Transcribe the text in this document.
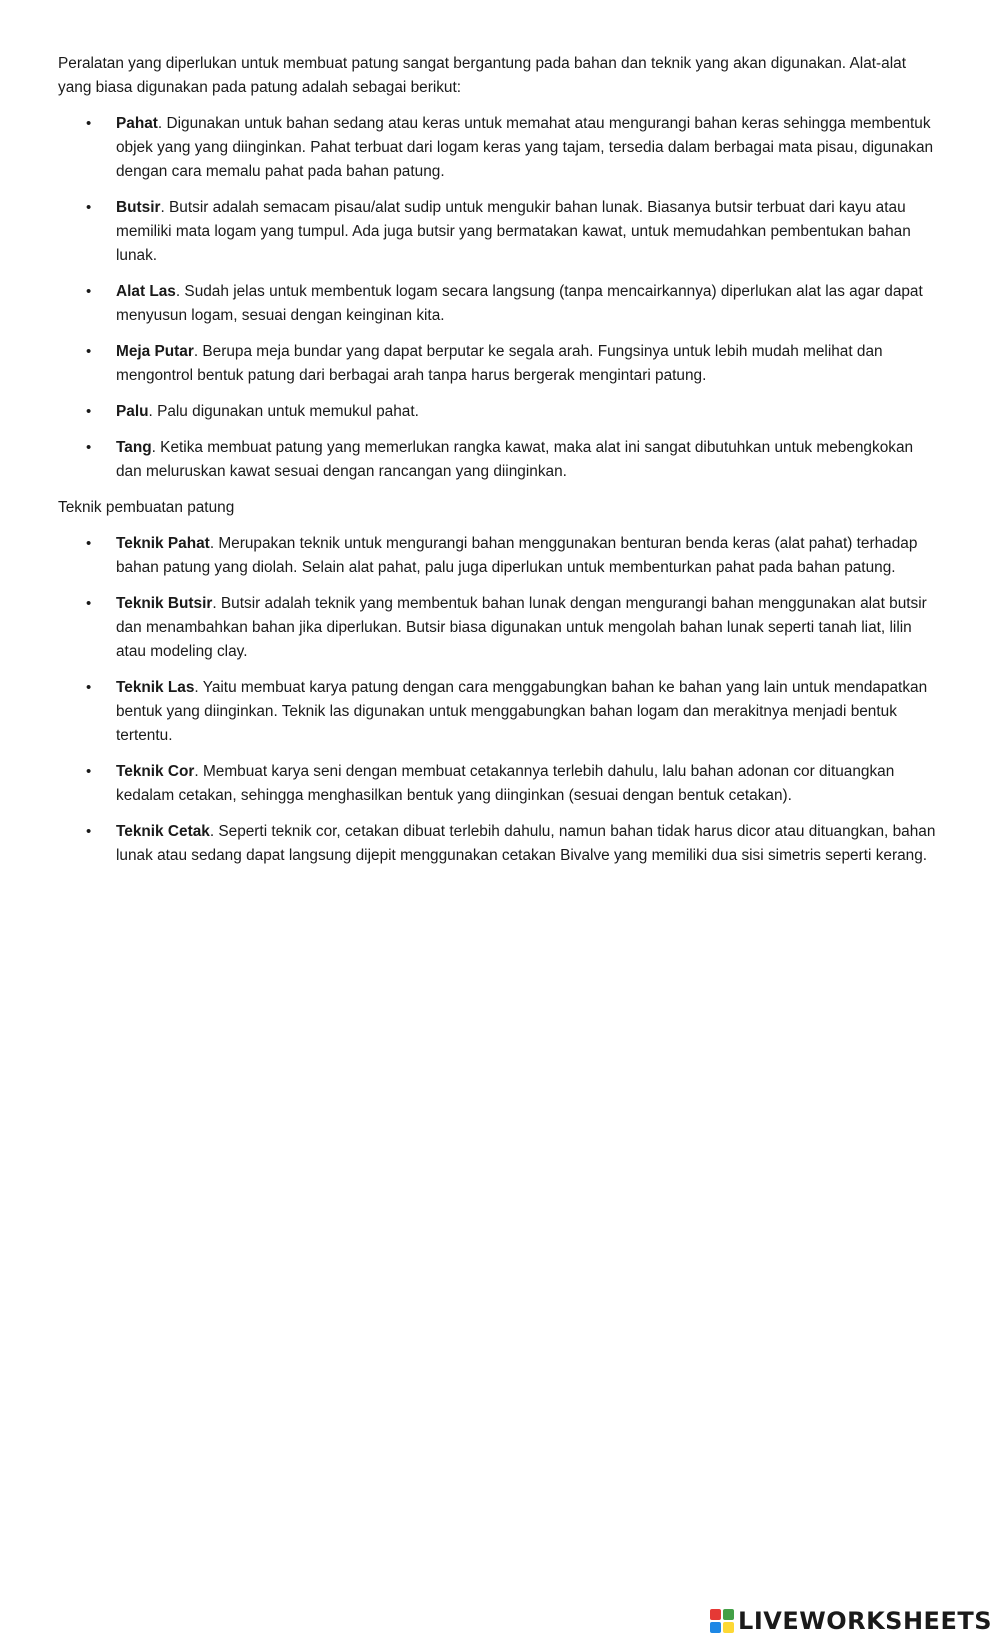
Peralatan yang diperlukan untuk membuat patung sangat bergantung pada bahan dan teknik yang akan digunakan. Alat-alat yang biasa digunakan pada patung adalah sebagai berikut:

• Pahat. Digunakan untuk bahan sedang atau keras untuk memahat atau mengurangi bahan keras sehingga membentuk objek yang yang diinginkan. Pahat terbuat dari logam keras yang tajam, tersedia dalam berbagai mata pisau, digunakan dengan cara memalu pahat pada bahan patung.
• Butsir. Butsir adalah semacam pisau/alat sudip untuk mengukir bahan lunak. Biasanya butsir terbuat dari kayu atau memiliki mata logam yang tumpul. Ada juga butsir yang bermatakan kawat, untuk memudahkan pembentukan bahan lunak.
• Alat Las. Sudah jelas untuk membentuk logam secara langsung (tanpa mencairkannya) diperlukan alat las agar dapat menyusun logam, sesuai dengan keinginan kita.
• Meja Putar. Berupa meja bundar yang dapat berputar ke segala arah. Fungsinya untuk lebih mudah melihat dan mengontrol bentuk patung dari berbagai arah tanpa harus bergerak mengintari patung.
• Palu. Palu digunakan untuk memukul pahat.
• Tang. Ketika membuat patung yang memerlukan rangka kawat, maka alat ini sangat dibutuhkan untuk mebengkokan dan meluruskan kawat sesuai dengan rancangan yang diinginkan.

Teknik pembuatan patung

• Teknik Pahat. Merupakan teknik untuk mengurangi bahan menggunakan benturan benda keras (alat pahat) terhadap bahan patung yang diolah. Selain alat pahat, palu juga diperlukan untuk membenturkan pahat pada bahan patung.
• Teknik Butsir. Butsir adalah teknik yang membentuk bahan lunak dengan mengurangi bahan menggunakan alat butsir dan menambahkan bahan jika diperlukan. Butsir biasa digunakan untuk mengolah bahan lunak seperti tanah liat, lilin atau modeling clay.
• Teknik Las. Yaitu membuat karya patung dengan cara menggabungkan bahan ke bahan yang lain untuk mendapatkan bentuk yang diinginkan. Teknik las digunakan untuk menggabungkan bahan logam dan merakitnya menjadi bentuk tertentu.
• Teknik Cor. Membuat karya seni dengan membuat cetakannya terlebih dahulu, lalu bahan adonan cor dituangkan kedalam cetakan, sehingga menghasilkan bentuk yang diinginkan (sesuai dengan bentuk cetakan).
• Teknik Cetak. Seperti teknik cor, cetakan dibuat terlebih dahulu, namun bahan tidak harus dicor atau dituangkan, bahan lunak atau sedang dapat langsung dijepit menggunakan cetakan Bivalve yang memiliki dua sisi simetris seperti kerang.
LIVEWORKSHEETS
